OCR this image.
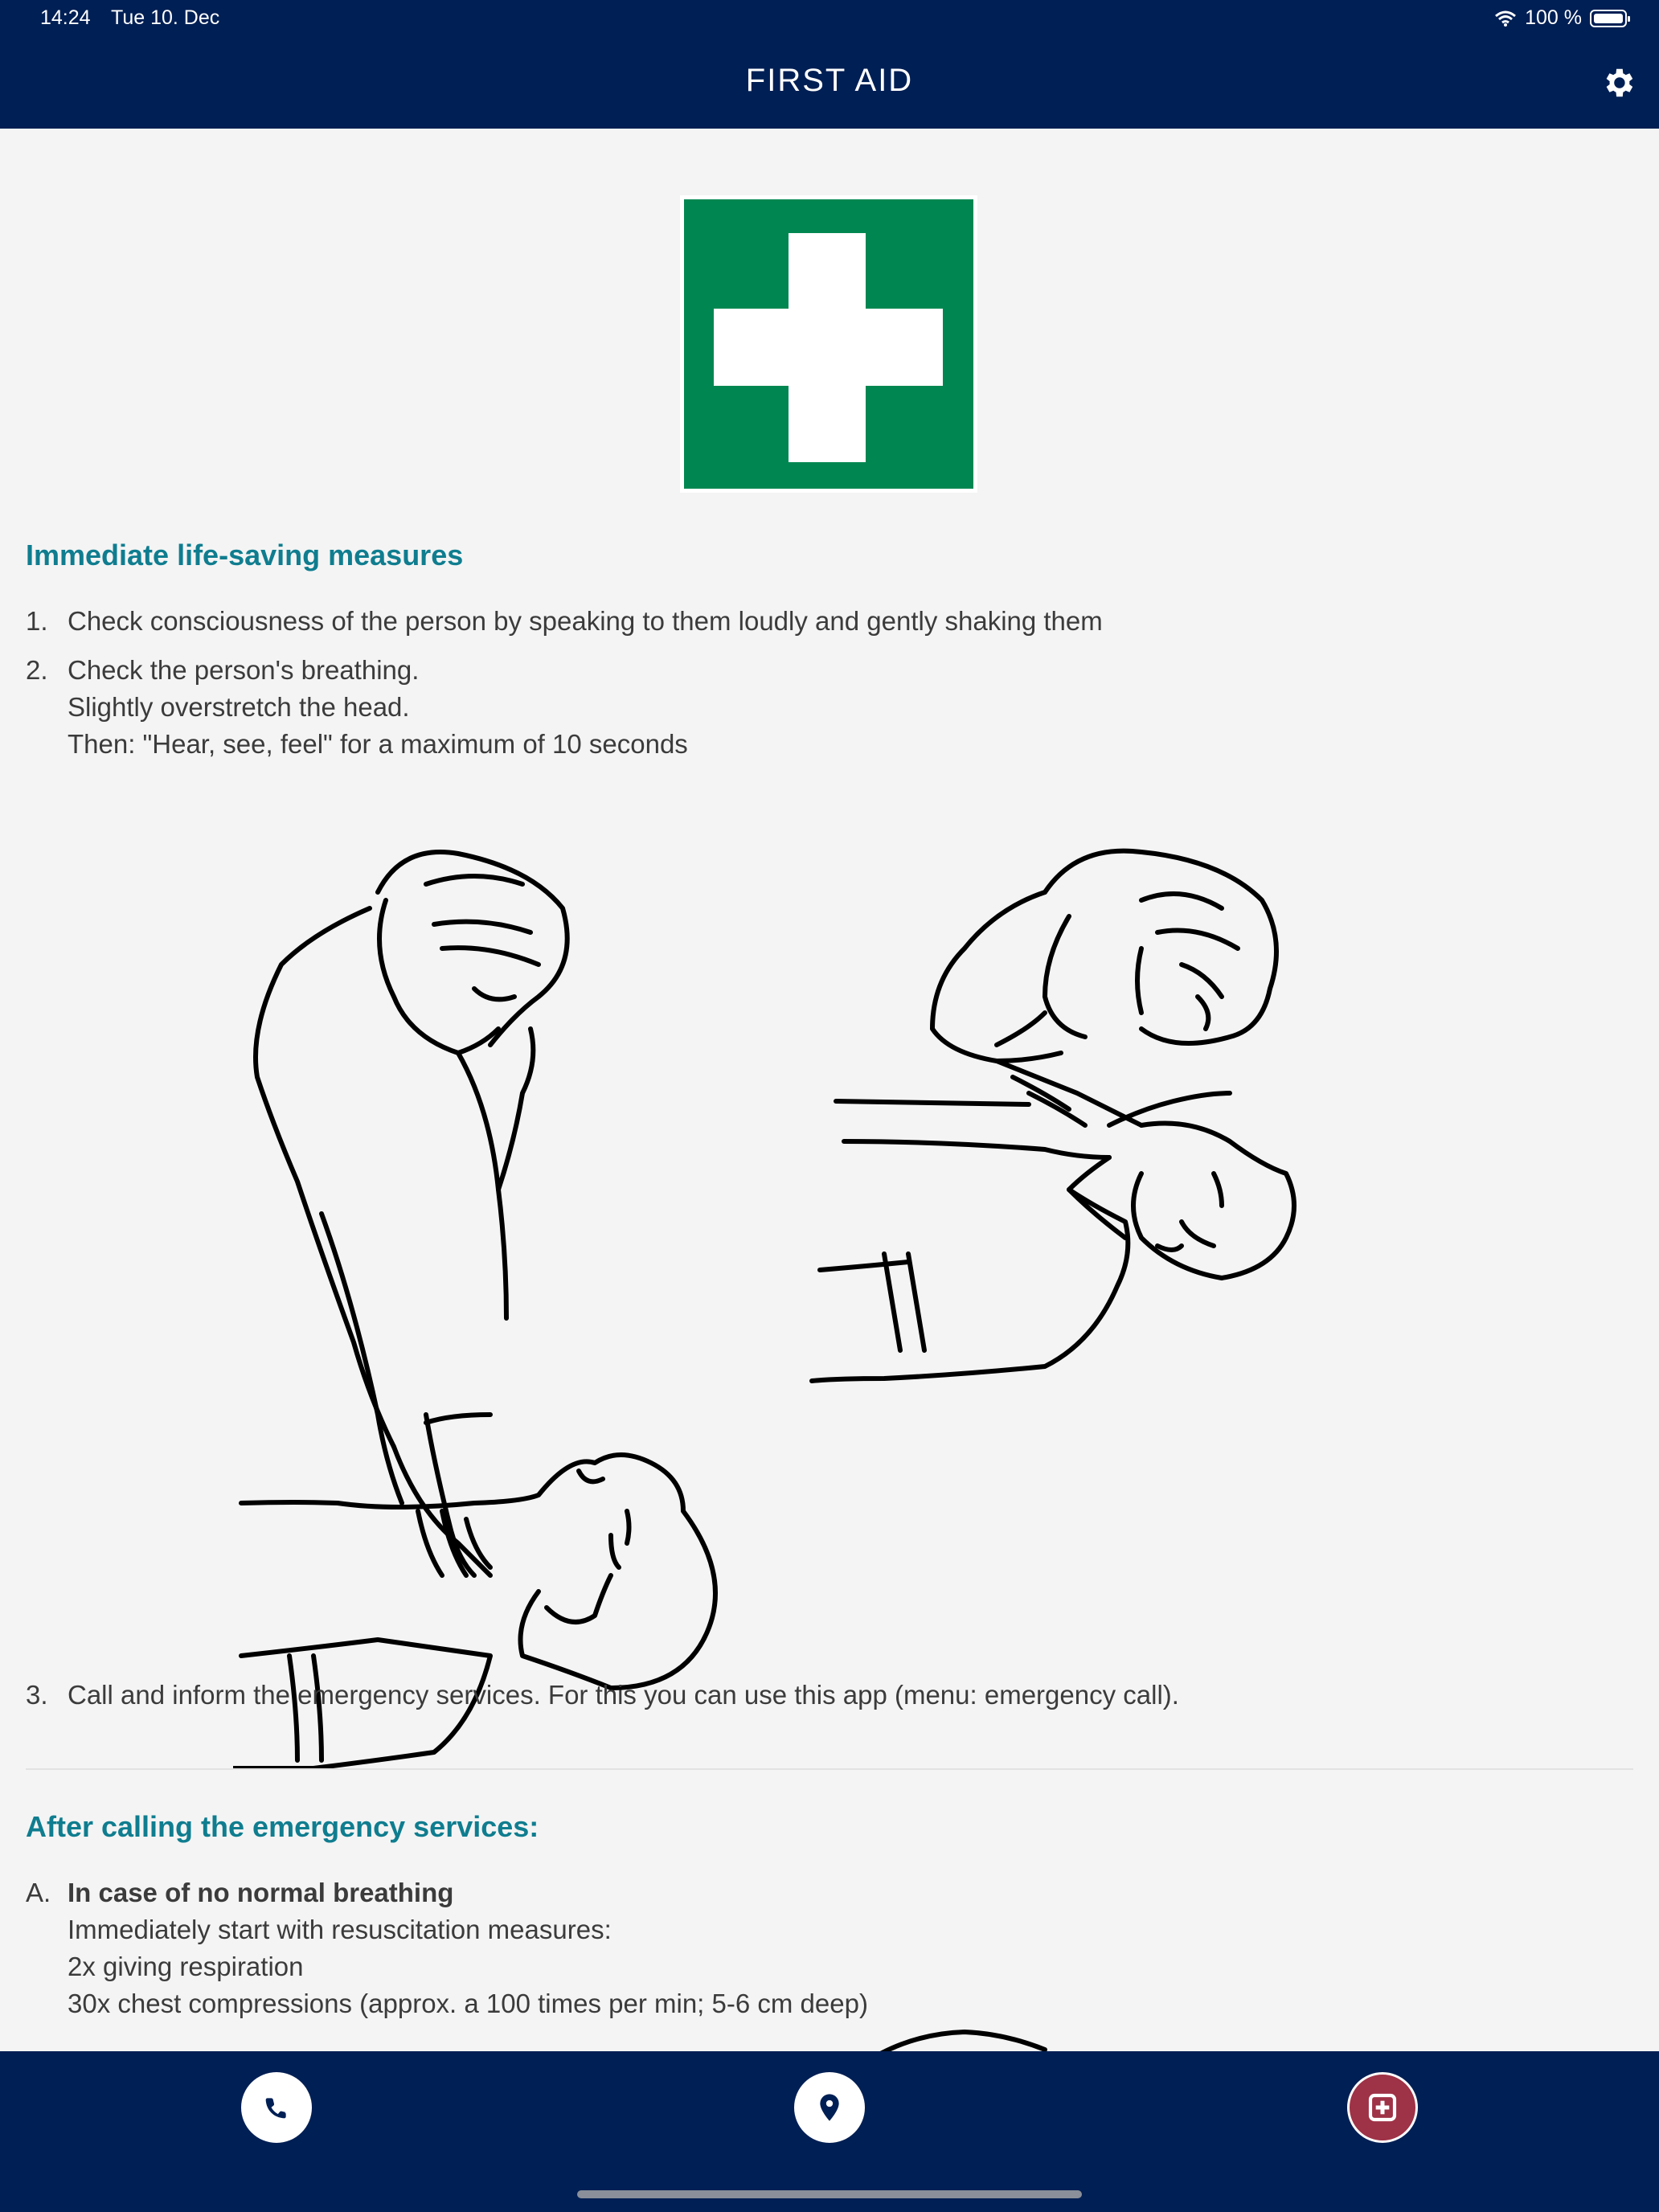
14:24 Tue 10. Dec	100 %
FIRST AID
Immediate life-saving measures
1. Check consciousness of the person by speaking to them loudly and gently shaking them
2. Check the person's breathing.
Slightly overstretch the head.
Then: "Hear, see, feel" for a maximum of 10 seconds
3. Call and inform the emergency services. For this you can use this app (menu: emergency call).
After calling the emergency services:
A. In case of no normal breathing
Immediately start with resuscitation measures:
2x giving respiration
30x chest compressions (approx. a 100 times per min; 5-6 cm deep)
